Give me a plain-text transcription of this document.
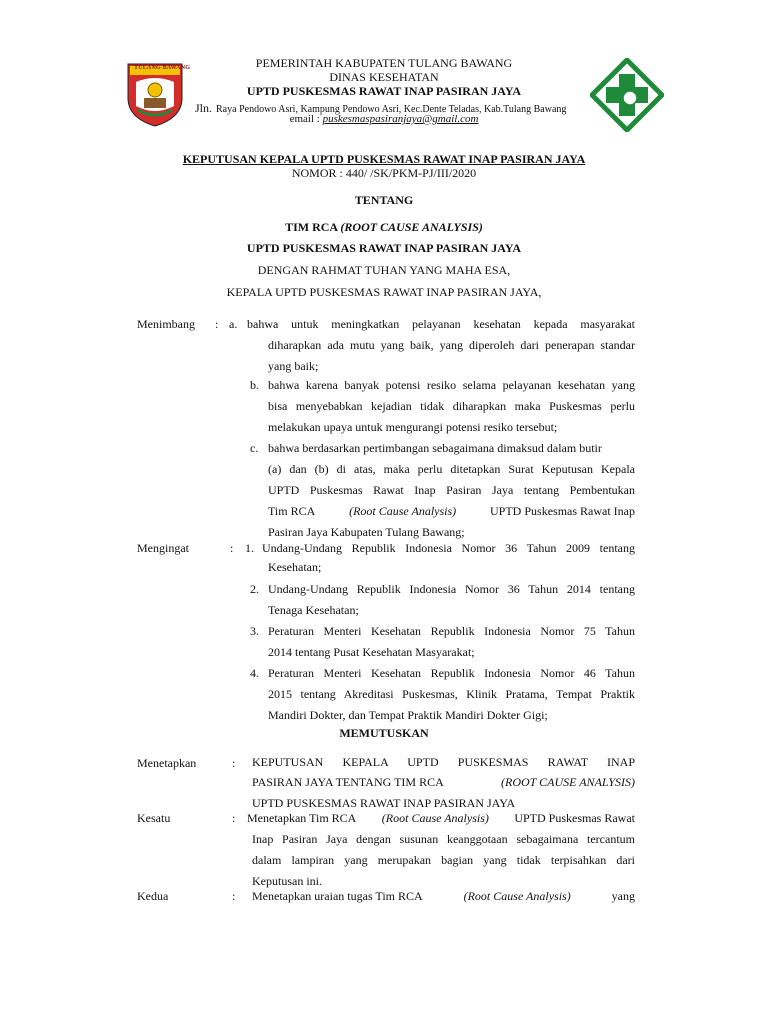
TULANG BAWANG	PEMERINTAH KABUPATEN TULANG BAWANG
DINAS KESEHATAN
UPTD PUSKESMAS RAWAT INAP PASIRAN JAYA
Jln. Raya Pendowo Asri, Kampung Pendowo Asri, Kec.Dente Teladas, Kab.Tulang Bawang
email : puskesmaspasiranjaya@gmail.com
KEPUTUSAN KEPALA UPTD PUSKESMAS RAWAT INAP PASIRAN JAYA
NOMOR : 440/ /SK/PKM-PJ/III/2020
TENTANG
TIM RCA (ROOT CAUSE ANALYSIS)
UPTD PUSKESMAS RAWAT INAP PASIRAN JAYA
DENGAN RAHMAT TUHAN YANG MAHA ESA,
KEPALA UPTD PUSKESMAS RAWAT INAP PASIRAN JAYA,
Menimbang : a. bahwa untuk meningkatkan pelayanan kesehatan kepada masyarakat
diharapkan ada mutu yang baik, yang diperoleh dari penerapan standar
yang baik;
b. bahwa karena banyak potensi resiko selama pelayanan kesehatan yang
bisa menyebabkan kejadian tidak diharapkan maka Puskesmas perlu
melakukan upaya untuk mengurangi potensi resiko tersebut;
c. bahwa berdasarkan pertimbangan sebagaimana dimaksud dalam butir
(a) dan (b) di atas, maka perlu ditetapkan Surat Keputusan Kepala
UPTD Puskesmas Rawat Inap Pasiran Jaya tentang Pembentukan
Tim RCA	(Root Cause Analysis)	UPTD Puskesmas Rawat Inap
Pasiran Jaya Kabupaten Tulang Bawang;
Mengingat	: 1. Undang-Undang Republik Indonesia Nomor 36 Tahun 2009 tentang
Kesehatan;
2. Undang-Undang Republik Indonesia Nomor 36 Tahun 2014 tentang
Tenaga Kesehatan;
3. Peraturan Menteri Kesehatan Republik Indonesia Nomor 75 Tahun
2014 tentang Pusat Kesehatan Masyarakat;
4. Peraturan Menteri Kesehatan Republik Indonesia Nomor 46 Tahun
2015 tentang Akreditasi Puskesmas, Klinik Pratama, Tempat Praktik
Mandiri Dokter, dan Tempat Praktik Mandiri Dokter Gigi;
MEMUTUSKAN
Menetapkan	: KEPUTUSAN KEPALA UPTD PUSKESMAS RAWAT INAP
PASIRAN JAYA TENTANG TIM RCA	(ROOT CAUSE ANALYSIS)
UPTD PUSKESMAS RAWAT INAP PASIRAN JAYA
Kesatu	: Menetapkan Tim RCA (Root Cause Analysis) UPTD Puskesmas Rawat
Inap Pasiran Jaya dengan susunan keanggotaan sebagaimana tercantum
dalam lampiran yang merupakan bagian yang tidak terpisahkan dari
Keputusan ini.
Kedua	: Menetapkan uraian tugas Tim RCA	(Root Cause Analysis)	yang
